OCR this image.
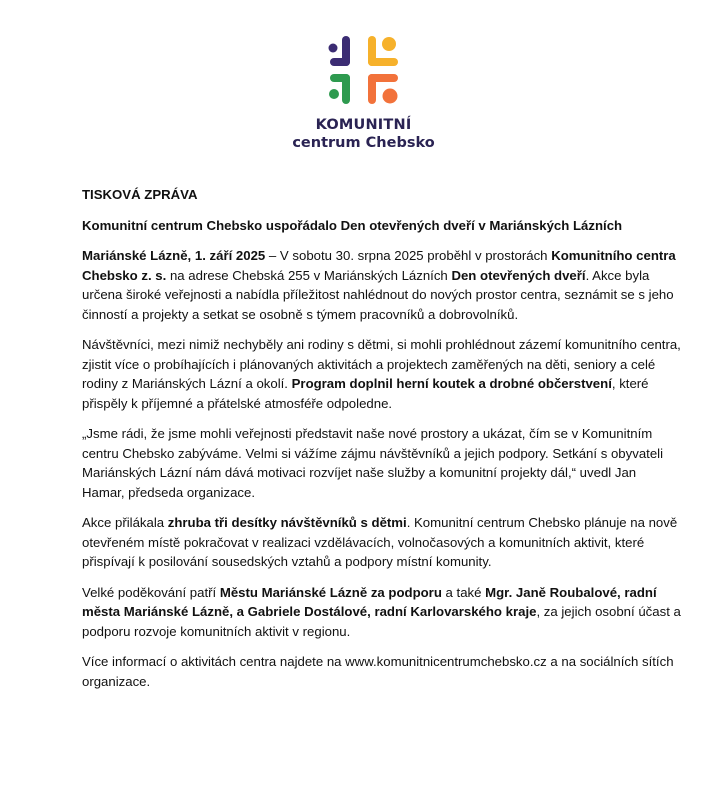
KOMUNITNÍ
centrum Chebsko

TISKOVÁ ZPRÁVA

Komunitní centrum Chebsko uspořádalo Den otevřených dveří v Mariánských Lázních

Mariánské Lázně, 1. září 2025 – V sobotu 30. srpna 2025 proběhl v prostorách Komunitního centra Chebsko z. s. na adrese Chebská 255 v Mariánských Lázních Den otevřených dveří. Akce byla určena široké veřejnosti a nabídla příležitost nahlédnout do nových prostor centra, seznámit se s jeho činností a projekty a setkat se osobně s týmem pracovníků a dobrovolníků.

Návštěvníci, mezi nimiž nechyběly ani rodiny s dětmi, si mohli prohlédnout zázemí komunitního centra, zjistit více o probíhajících i plánovaných aktivitách a projektech zaměřených na děti, seniory a celé rodiny z Mariánských Lázní a okolí. Program doplnil herní koutek a drobné občerstvení, které přispěly k příjemné a přátelské atmosféře odpoledne.

„Jsme rádi, že jsme mohli veřejnosti představit naše nové prostory a ukázat, čím se v Komunitním centru Chebsko zabýváme. Velmi si vážíme zájmu návštěvníků a jejich podpory. Setkání s obyvateli Mariánských Lázní nám dává motivaci rozvíjet naše služby a komunitní projekty dál,“ uvedl Jan Hamar, předseda organizace.

Akce přilákala zhruba tři desítky návštěvníků s dětmi. Komunitní centrum Chebsko plánuje na nově otevřeném místě pokračovat v realizaci vzdělávacích, volnočasových a komunitních aktivit, které přispívají k posilování sousedských vztahů a podpory místní komunity.

Velké poděkování patří Městu Mariánské Lázně za podporu a také Mgr. Janě Roubalové, radní města Mariánské Lázně, a Gabriele Dostálové, radní Karlovarského kraje, za jejich osobní účast a podporu rozvoje komunitních aktivit v regionu.

Více informací o aktivitách centra najdete na www.komunitnicentrumchebsko.cz a na sociálních sítích organizace.
